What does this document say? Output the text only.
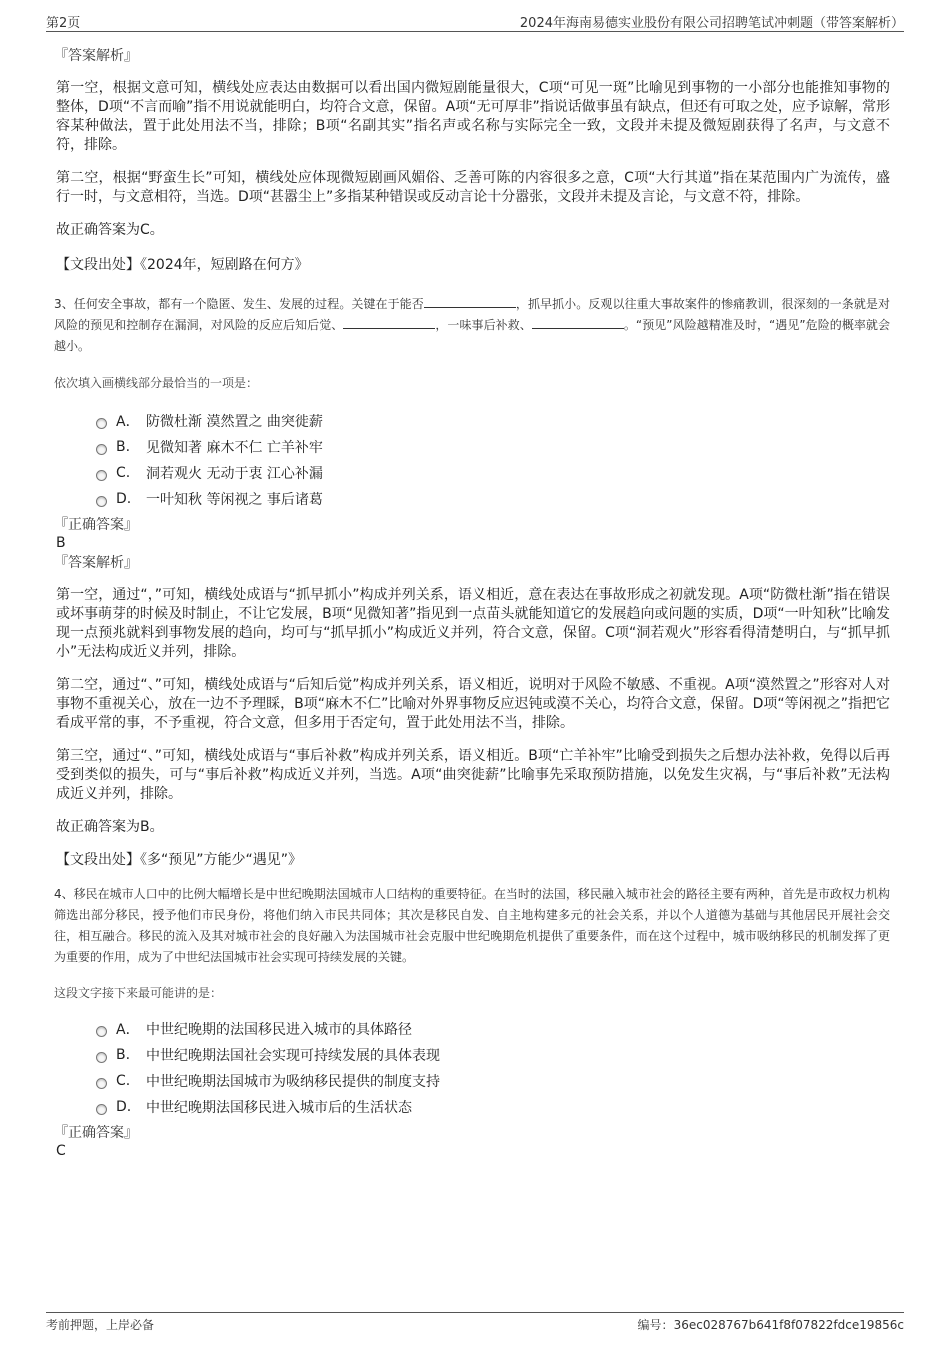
第2页	2024年海南易德实业股份有限公司招聘笔试冲刺题（带答案解析）

『答案解析』

第一空，根据文意可知，横线处应表达由数据可以看出国内微短剧能量很大，C项“可见一斑”比喻见到事物的一小部分也能推知事物的整体，D项“不言而喻”指不用说就能明白，均符合文意，保留。A项“无可厚非”指说话做事虽有缺点，但还有可取之处，应予谅解，常形容某种做法，置于此处用法不当，排除；B项“名副其实”指名声或名称与实际完全一致，文段并未提及微短剧获得了名声，与文意不符，排除。

第二空，根据“野蛮生长”可知，横线处应体现微短剧画风媚俗、乏善可陈的内容很多之意，C项“大行其道”指在某范围内广为流传，盛行一时，与文意相符，当选。D项“甚嚣尘上”多指某种错误或反动言论十分嚣张，文段并未提及言论，与文意不符，排除。

故正确答案为C。

【文段出处】《2024年，短剧路在何方》

3、任何安全事故，都有一个隐匿、发生、发展的过程。关键在于能否	，抓早抓小。反观以往重大事故案件的惨痛教训，很深刻的一条就是对风险的预见和控制存在漏洞，对风险的反应后知后觉、	，一味事后补救、	。“预见”风险越精准及时，“遇见”危险的概率就会越小。

依次填入画横线部分最恰当的一项是：

A． 防微杜渐 漠然置之 曲突徙薪
B.	见微知著 麻木不仁 亡羊补牢
C.	洞若观火 无动于衷 江心补漏
D.	一叶知秋 等闲视之 事后诸葛

『正确答案』

B

『答案解析』

第一空，通过“，”可知，横线处成语与“抓早抓小”构成并列关系，语义相近，意在表达在事故形成之初就发现。A项“防微杜渐”指在错误或坏事萌芽的时候及时制止，不让它发展，B项“见微知著”指见到一点苗头就能知道它的发展趋向或问题的实质，D项“一叶知秋”比喻发现一点预兆就料到事物发展的趋向，均可与“抓早抓小”构成近义并列，符合文意，保留。C项“洞若观火”形容看得清楚明白，与“抓早抓小”无法构成近义并列，排除。

第二空，通过“、”可知，横线处成语与“后知后觉”构成并列关系，语义相近，说明对于风险不敏感、不重视。A项“漠然置之”形容对人对事物不重视关心，放在一边不予理睬，B项“麻木不仁”比喻对外界事物反应迟钝或漠不关心，均符合文意，保留。D项“等闲视之”指把它看成平常的事，不予重视，符合文意，但多用于否定句，置于此处用法不当，排除。

第三空，通过“、”可知，横线处成语与“事后补救”构成并列关系，语义相近。B项“亡羊补牢”比喻受到损失之后想办法补救，免得以后再受到类似的损失，可与“事后补救”构成近义并列，当选。A项“曲突徙薪”比喻事先采取预防措施，以免发生灾祸，与“事后补救”无法构成近义并列，排除。

故正确答案为B。

【文段出处】《多“预见”方能少“遇见”》

4、移民在城市人口中的比例大幅增长是中世纪晚期法国城市人口结构的重要特征。在当时的法国，移民融入城市社会的路径主要有两种，首先是市政权力机构筛选出部分移民，授予他们市民身份，将他们纳入市民共同体；其次是移民自发、自主地构建多元的社会关系，并以个人道德为基础与其他居民开展社会交往，相互融合。移民的流入及其对城市社会的良好融入为法国城市社会克服中世纪晚期危机提供了重要条件，而在这个过程中，城市吸纳移民的机制发挥了更为重要的作用，成为了中世纪法国城市社会实现可持续发展的关键。

这段文字接下来最可能讲的是：

A． 中世纪晚期的法国移民进入城市的具体路径
B.	中世纪晚期法国社会实现可持续发展的具体表现
C.	中世纪晚期法国城市为吸纳移民提供的制度支持
D.	中世纪晚期法国移民进入城市后的生活状态

『正确答案』

C

考前押题，上岸必备	编号：36ec028767b641f8f07822fdce19856c
